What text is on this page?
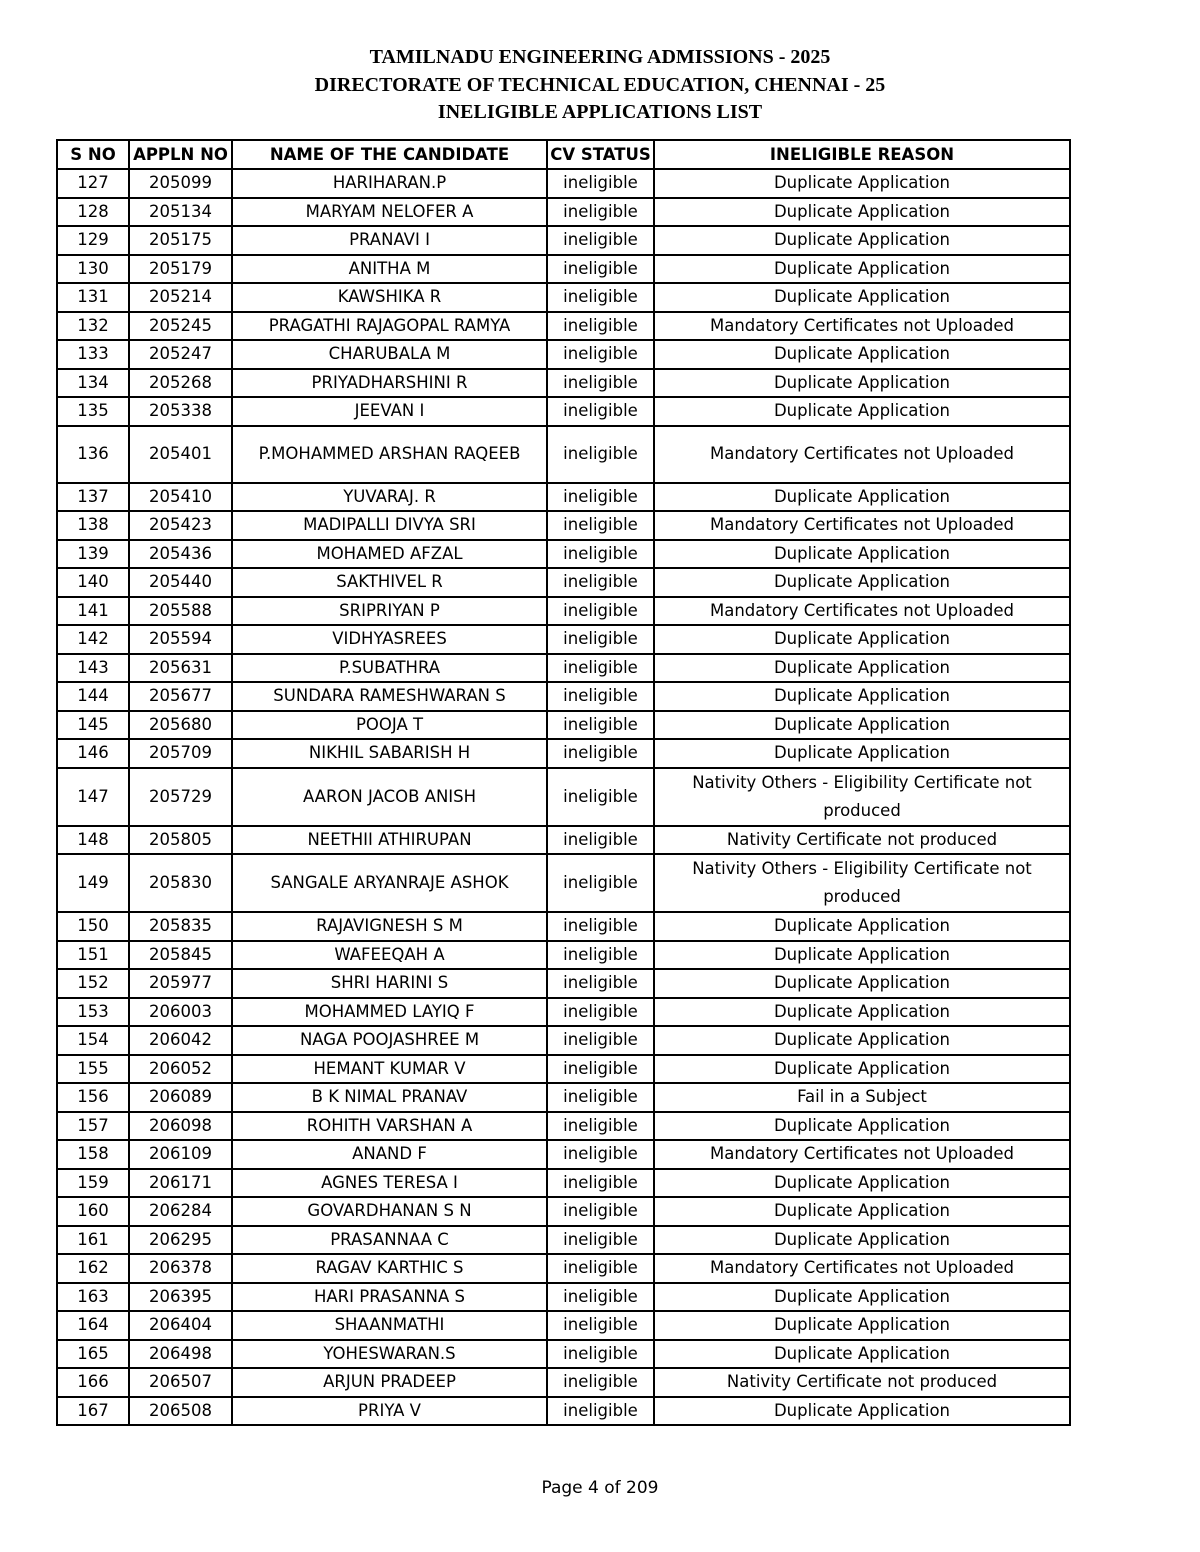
TAMILNADU ENGINEERING ADMISSIONS - 2025
DIRECTORATE OF TECHNICAL EDUCATION, CHENNAI - 25
INELIGIBLE APPLICATIONS LIST
S NO	APPLN NO	NAME OF THE CANDIDATE	CV STATUS	INELIGIBLE REASON
127	205099	HARIHARAN.P	ineligible	Duplicate Application
128	205134	MARYAM NELOFER A	ineligible	Duplicate Application
129	205175	PRANAVI I	ineligible	Duplicate Application
130	205179	ANITHA M	ineligible	Duplicate Application
131	205214	KAWSHIKA R	ineligible	Duplicate Application
132	205245	PRAGATHI RAJAGOPAL RAMYA	ineligible	Mandatory Certificates not Uploaded
133	205247	CHARUBALA M	ineligible	Duplicate Application
134	205268	PRIYADHARSHINI R	ineligible	Duplicate Application
135	205338	JEEVAN I	ineligible	Duplicate Application
136	205401	P.MOHAMMED ARSHAN RAQEEB	ineligible	Mandatory Certificates not Uploaded
137	205410	YUVARAJ. R	ineligible	Duplicate Application
138	205423	MADIPALLI DIVYA SRI	ineligible	Mandatory Certificates not Uploaded
139	205436	MOHAMED AFZAL	ineligible	Duplicate Application
140	205440	SAKTHIVEL R	ineligible	Duplicate Application
141	205588	SRIPRIYAN P	ineligible	Mandatory Certificates not Uploaded
142	205594	VIDHYASREES	ineligible	Duplicate Application
143	205631	P.SUBATHRA	ineligible	Duplicate Application
144	205677	SUNDARA RAMESHWARAN S	ineligible	Duplicate Application
145	205680	POOJA T	ineligible	Duplicate Application
146	205709	NIKHIL SABARISH H	ineligible	Duplicate Application
147	205729	AARON JACOB ANISH	ineligible	Nativity Others - Eligibility Certificate not produced
148	205805	NEETHII ATHIRUPAN	ineligible	Nativity Certificate not produced
149	205830	SANGALE ARYANRAJE ASHOK	ineligible	Nativity Others - Eligibility Certificate not produced
150	205835	RAJAVIGNESH S M	ineligible	Duplicate Application
151	205845	WAFEEQAH A	ineligible	Duplicate Application
152	205977	SHRI HARINI S	ineligible	Duplicate Application
153	206003	MOHAMMED LAYIQ F	ineligible	Duplicate Application
154	206042	NAGA POOJASHREE M	ineligible	Duplicate Application
155	206052	HEMANT KUMAR V	ineligible	Duplicate Application
156	206089	B K NIMAL PRANAV	ineligible	Fail in a Subject
157	206098	ROHITH VARSHAN A	ineligible	Duplicate Application
158	206109	ANAND F	ineligible	Mandatory Certificates not Uploaded
159	206171	AGNES TERESA I	ineligible	Duplicate Application
160	206284	GOVARDHANAN S N	ineligible	Duplicate Application
161	206295	PRASANNAA C	ineligible	Duplicate Application
162	206378	RAGAV KARTHIC S	ineligible	Mandatory Certificates not Uploaded
163	206395	HARI PRASANNA S	ineligible	Duplicate Application
164	206404	SHAANMATHI	ineligible	Duplicate Application
165	206498	YOHESWARAN.S	ineligible	Duplicate Application
166	206507	ARJUN PRADEEP	ineligible	Nativity Certificate not produced
167	206508	PRIYA V	ineligible	Duplicate Application
Page 4 of 209
